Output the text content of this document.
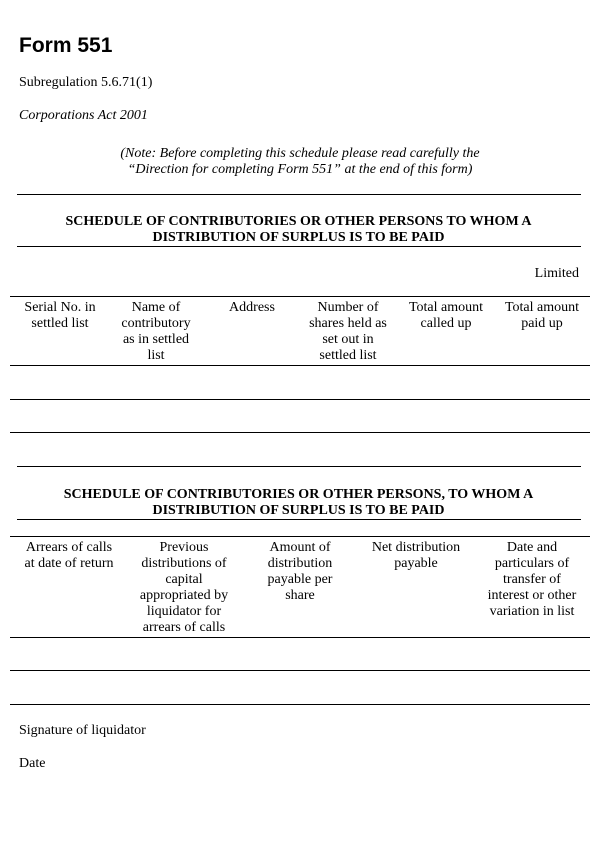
Form 551
Subregulation 5.6.71(1)
Corporations Act 2001
(Note: Before completing this schedule please read carefully the
“Direction for completing Form 551” at the end of this form)
SCHEDULE OF CONTRIBUTORIES OR OTHER PERSONS TO WHOM A
DISTRIBUTION OF SURPLUS IS TO BE PAID
Limited
Serial No. in
settled list
Name of
contributory
as in settled
list
Address	Number of
shares held as
set out in
settled list
Total amount
called up
Total amount
paid up
SCHEDULE OF CONTRIBUTORIES OR OTHER PERSONS, TO WHOM A
DISTRIBUTION OF SURPLUS IS TO BE PAID
Arrears of calls
at date of return
Previous
distributions of
capital
appropriated by
liquidator for
arrears of calls
Amount of
distribution
payable per
share
Net distribution
payable
Date and
particulars of
transfer of
interest or other
variation in list
Signature of liquidator
Date
